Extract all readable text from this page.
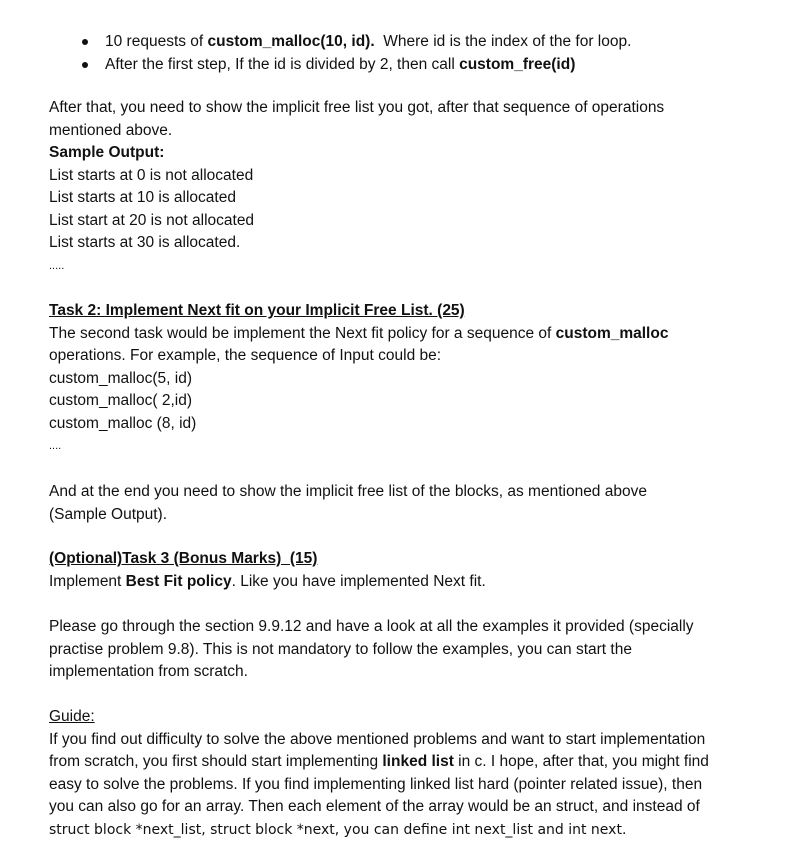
10 requests of custom_malloc(10, id).  Where id is the index of the for loop.
After the first step, If the id is divided by 2, then call custom_free(id)

After that, you need to show the implicit free list you got, after that sequence of operations

mentioned above.

Sample Output:

List starts at 0 is not allocated

List starts at 10 is allocated

List start at 20 is not allocated

List starts at 30 is allocated.

.....

Task 2: Implement Next fit on your Implicit Free List. (25)

The second task would be implement the Next fit policy for a sequence of custom_malloc

operations. For example, the sequence of Input could be:

custom_malloc(5, id)

custom_malloc( 2,id)

custom_malloc (8, id)

....

And at the end you need to show the implicit free list of the blocks, as mentioned above

(Sample Output).

(Optional)Task 3 (Bonus Marks)  (15)

Implement Best Fit policy. Like you have implemented Next fit.

Please go through the section 9.9.12 and have a look at all the examples it provided (specially

practise problem 9.8). This is not mandatory to follow the examples, you can start the

implementation from scratch.

Guide:

If you find out difficulty to solve the above mentioned problems and want to start implementation

from scratch, you first should start implementing linked list in c. I hope, after that, you might find

easy to solve the problems. If you find implementing linked list hard (pointer related issue), then

you can also go for an array. Then each element of the array would be an struct, and instead of

struct block *next_list, struct block *next, you can define int next_list and int next.
